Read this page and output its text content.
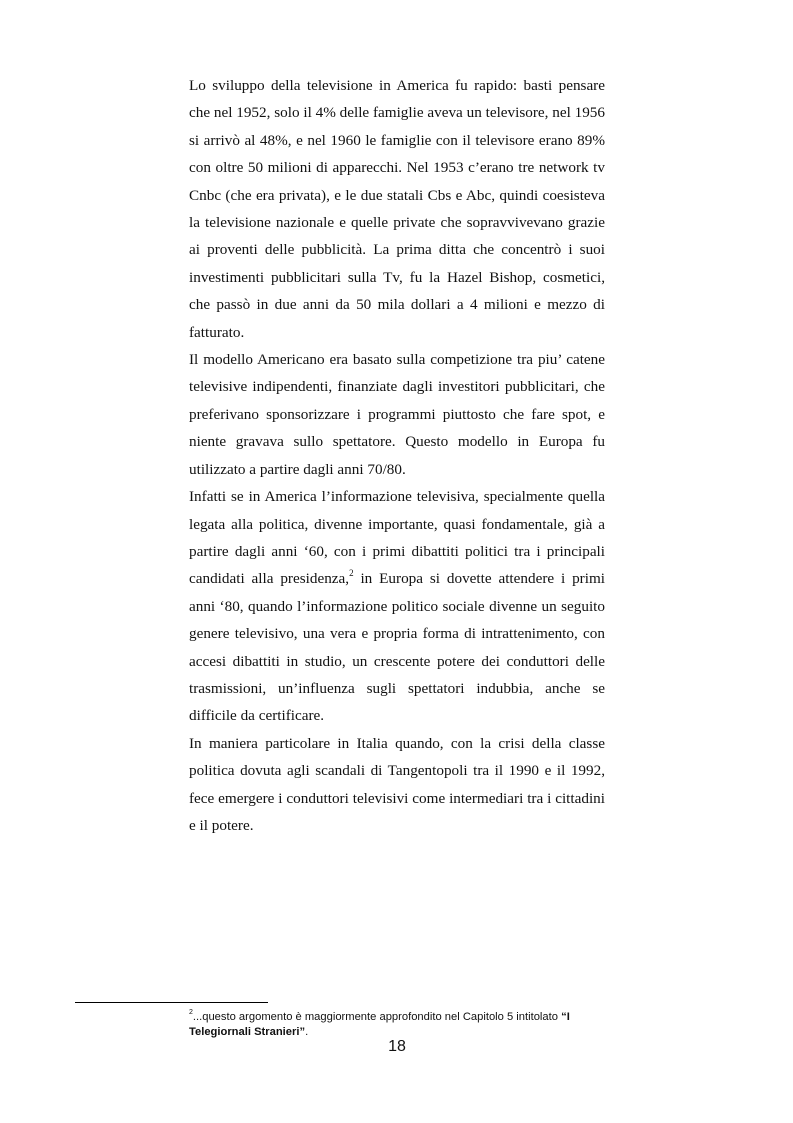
Lo sviluppo della televisione in America fu rapido: basti pensare che nel 1952, solo il 4% delle famiglie aveva un televisore, nel 1956 si arrivò al 48%, e nel 1960 le famiglie con il televisore erano 89% con oltre 50 milioni di apparecchi. Nel 1953 c’erano tre network tv Cnbc (che era privata), e le due statali Cbs e Abc, quindi coesisteva la televisione nazionale e quelle private che sopravvivevano grazie ai proventi delle pubblicità. La prima ditta che concentrò i suoi investimenti pubblicitari sulla Tv, fu la Hazel Bishop, cosmetici, che passò in due anni da 50 mila dollari a 4 milioni e mezzo di fatturato.

Il modello Americano era basato sulla competizione tra piu’ catene televisive indipendenti, finanziate dagli investitori pubblicitari, che preferivano sponsorizzare i programmi piuttosto che fare spot, e niente gravava sullo spettatore. Questo modello in Europa fu utilizzato a partire dagli anni 70/80.

Infatti se in America l’informazione televisiva, specialmente quella legata alla politica, divenne importante, quasi fondamentale, già a partire dagli anni ‘60, con i primi dibattiti politici tra i principali candidati alla presidenza,$^2$ in Europa si dovette attendere i primi anni ‘80, quando l’informazione politico sociale divenne un seguito genere televisivo, una vera e propria forma di intrattenimento, con accesi dibattiti in studio, un crescente potere dei conduttori delle trasmissioni, un’influenza sugli spettatori indubbia, anche se difficile da certificare.

In maniera particolare in Italia quando, con la crisi della classe politica dovuta agli scandali di Tangentopoli tra il 1990 e il 1992, fece emergere i conduttori televisivi come intermediari tra i cittadini e il potere.

$^2$...questo argomento è maggiormente approfondito nel Capitolo 5 intitolato “I Telegiornali Stranieri”.
18
